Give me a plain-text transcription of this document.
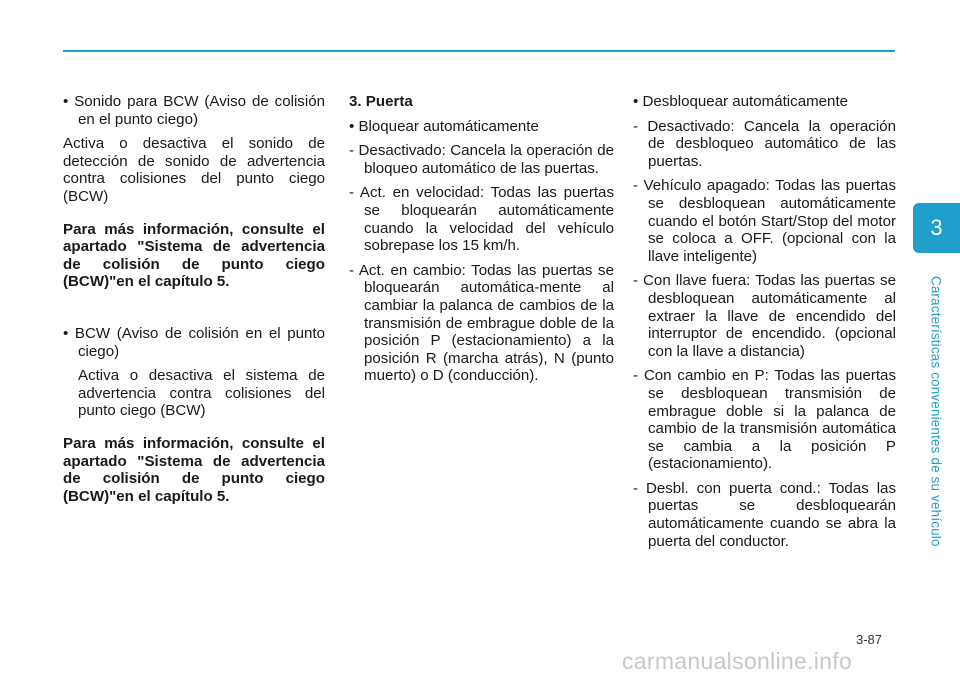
• Sonido para BCW (Aviso de colisión en el punto ciego)

Activa o desactiva el sonido de detección de sonido de advertencia contra colisiones del punto ciego (BCW)

Para más información, consulte el apartado "Sistema de advertencia de colisión de punto ciego (BCW)"en el capítulo 5.

• BCW (Aviso de colisión en el punto ciego)

Activa o desactiva el sistema de advertencia contra colisiones del punto ciego (BCW)

Para más información, consulte el apartado "Sistema de advertencia de colisión de punto ciego (BCW)"en el capítulo 5.

3. Puerta

• Bloquear automáticamente

- Desactivado: Cancela la operación de bloqueo automático de las puertas.

- Act. en velocidad: Todas las puertas se bloquearán automáticamente cuando la velocidad del vehículo sobrepase los 15 km/h.

- Act. en cambio: Todas las puertas se bloquearán automática-mente al cambiar la palanca de cambios de la transmisión de embrague doble de la posición P (estacionamiento) a la posición R (marcha atrás), N (punto muerto) o D (conducción).

• Desbloquear automáticamente

- Desactivado: Cancela la operación de desbloqueo automático de las puertas.

- Vehículo apagado: Todas las puertas se desbloquean automáticamente cuando el botón Start/Stop del motor se coloca a OFF. (opcional con la llave inteligente)

- Con llave fuera: Todas las puertas se desbloquean automáticamente al extraer la llave de encendido del interruptor de encendido. (opcional con la llave a distancia)

- Con cambio en P: Todas las puertas se desbloquean transmisión de embrague doble si la palanca de cambio de la transmisión automática se cambia a la posición P (estacionamiento).

- Desbl. con puerta cond.: Todas las puertas se desbloquearán automáticamente cuando se abra la puerta del conductor.

3
Características convenientes de su vehículo
3-87
carmanualsonline.info
